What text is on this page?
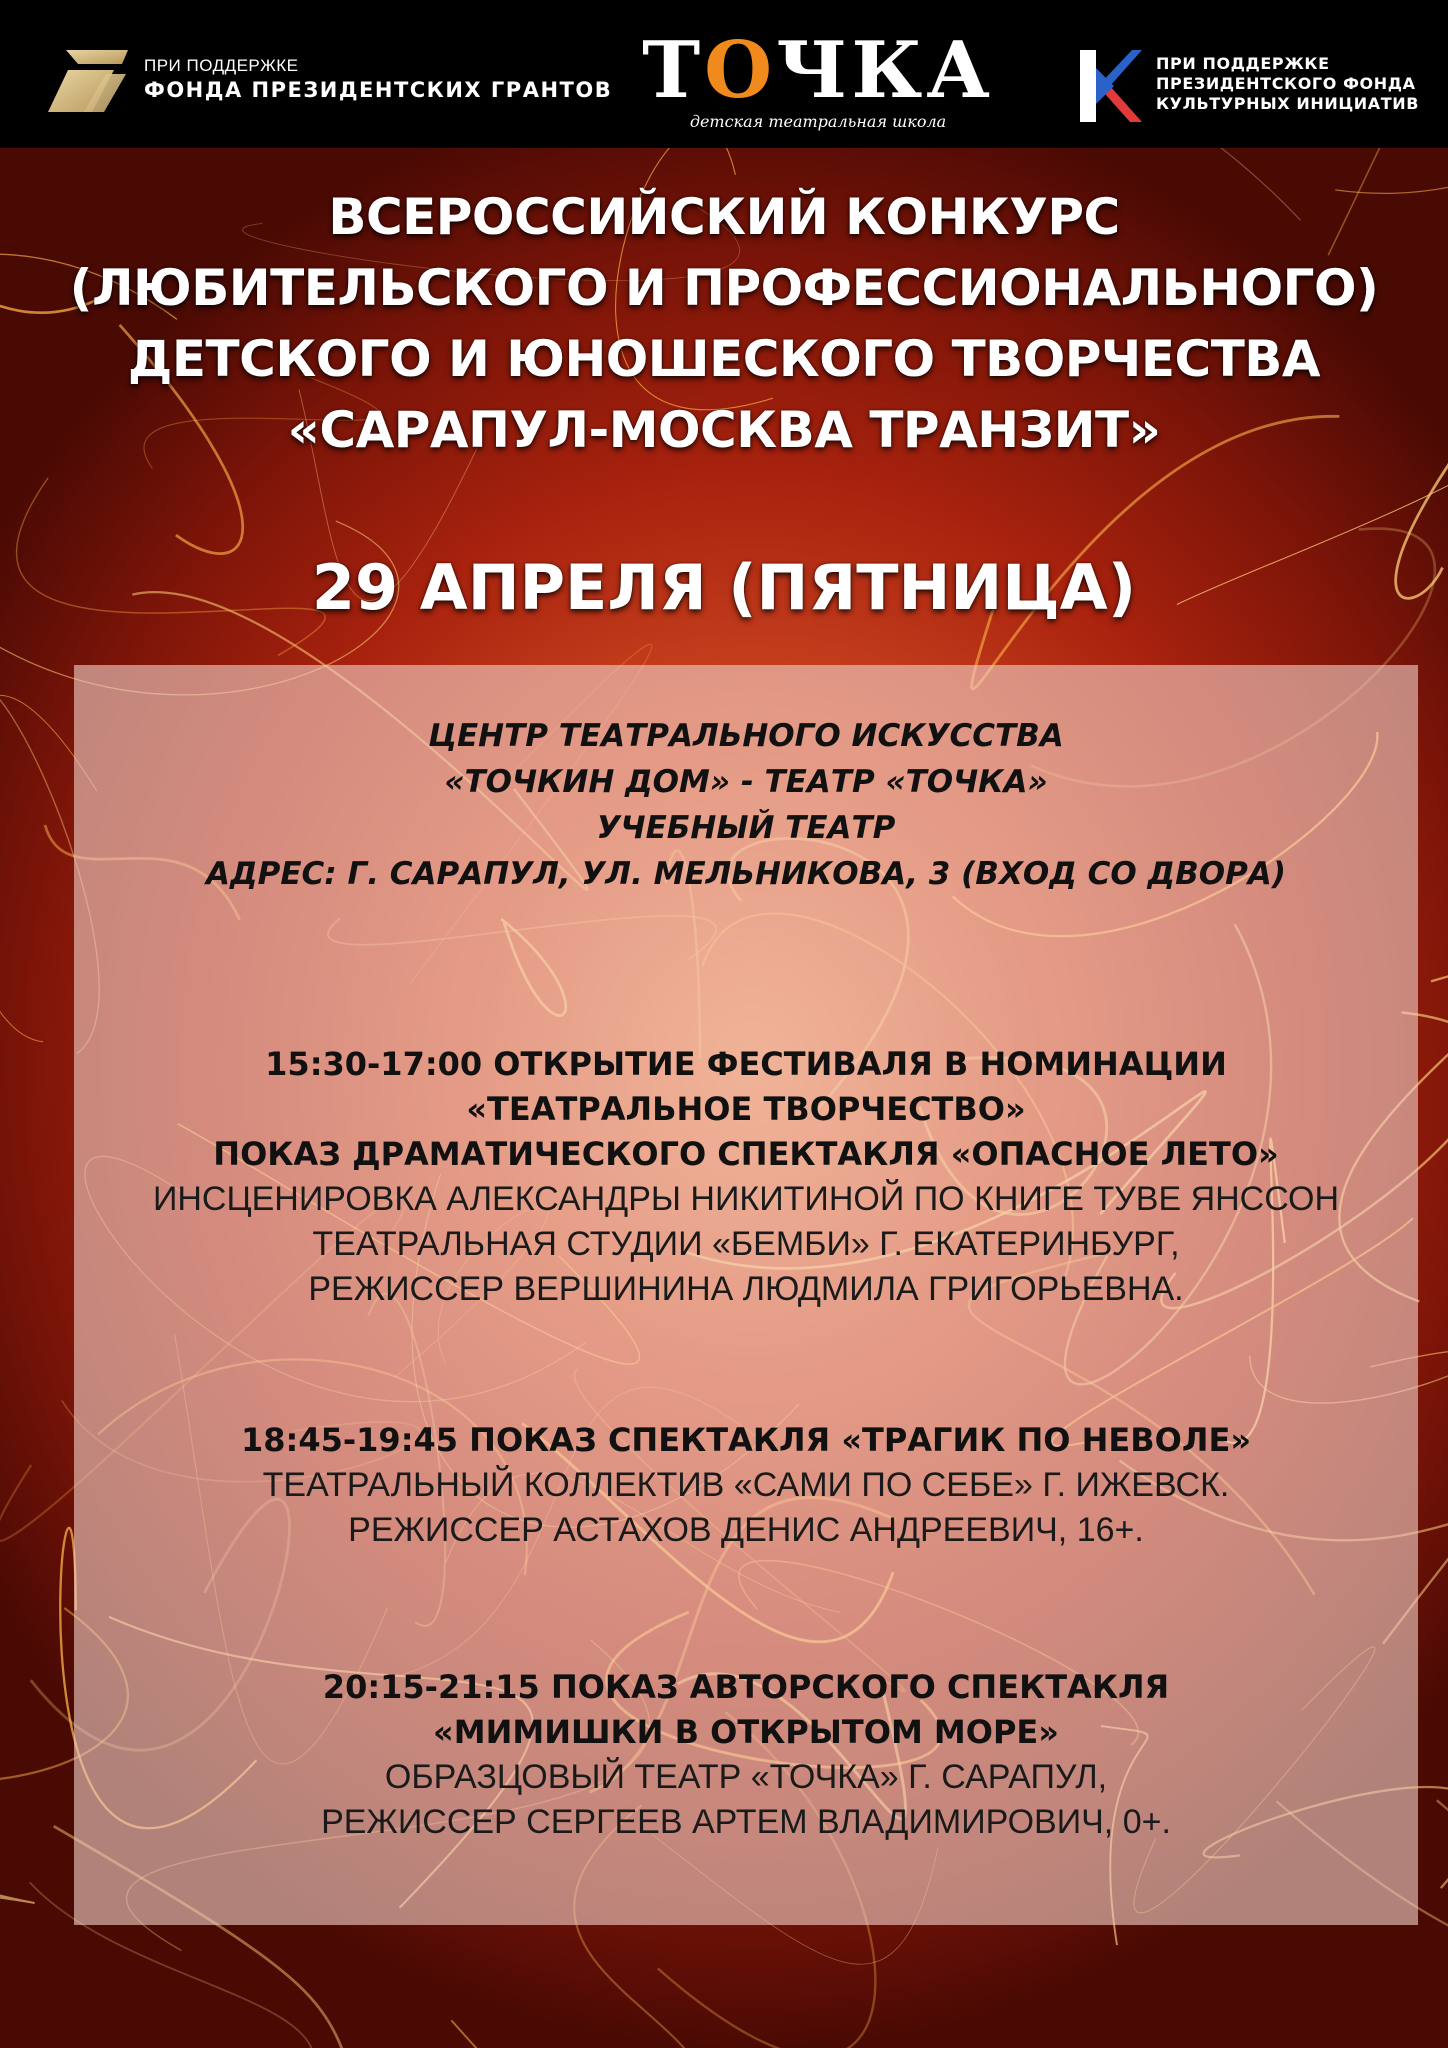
ПРИ ПОДДЕРЖКЕ
ФОНДА ПРЕЗИДЕНТСКИХ ГРАНТОВ ТОЧКА
детская театральная школа
ПРИ ПОДДЕРЖКЕ
ПРЕЗИДЕНТСКОГО ФОНДА
КУЛЬТУРНЫХ ИНИЦИАТИВ
ВСЕРОССИЙСКИЙ КОНКУРС
(ЛЮБИТЕЛЬСКОГО И ПРОФЕССИОНАЛЬНОГО)
ДЕТСКОГО И ЮНОШЕСКОГО ТВОРЧЕСТВА
«САРАПУЛ-МОСКВА ТРАНЗИТ»
29 АПРЕЛЯ (ПЯТНИЦА)
ЦЕНТР ТЕАТРАЛЬНОГО ИСКУССТВА
«ТОЧКИН ДОМ» - ТЕАТР «ТОЧКА»
УЧЕБНЫЙ ТЕАТР
АДРЕС: Г. САРАПУЛ, УЛ. МЕЛЬНИКОВА, 3 (ВХОД СО ДВОРА)
15:30-17:00 ОТКРЫТИЕ ФЕСТИВАЛЯ В НОМИНАЦИИ
«ТЕАТРАЛЬНОЕ ТВОРЧЕСТВО»
ПОКАЗ ДРАМАТИЧЕСКОГО СПЕКТАКЛЯ «ОПАСНОЕ ЛЕТО»
ИНСЦЕНИРОВКА АЛЕКСАНДРЫ НИКИТИНОЙ ПО КНИГЕ ТУВЕ ЯНССОН
ТЕАТРАЛЬНАЯ СТУДИИ «БЕМБИ» Г. ЕКАТЕРИНБУРГ,
РЕЖИССЕР ВЕРШИНИНА ЛЮДМИЛА ГРИГОРЬЕВНА.
18:45-19:45 ПОКАЗ СПЕКТАКЛЯ «ТРАГИК ПО НЕВОЛЕ»
ТЕАТРАЛЬНЫЙ КОЛЛЕКТИВ «САМИ ПО СЕБЕ» Г. ИЖЕВСК.
РЕЖИССЕР АСТАХОВ ДЕНИС АНДРЕЕВИЧ, 16+.
20:15-21:15 ПОКАЗ АВТОРСКОГО СПЕКТАКЛЯ
«МИМИШКИ В ОТКРЫТОМ МОРЕ»
ОБРАЗЦОВЫЙ ТЕАТР «ТОЧКА» Г. САРАПУЛ,
РЕЖИССЕР СЕРГЕЕВ АРТЕМ ВЛАДИМИРОВИЧ, 0+.
